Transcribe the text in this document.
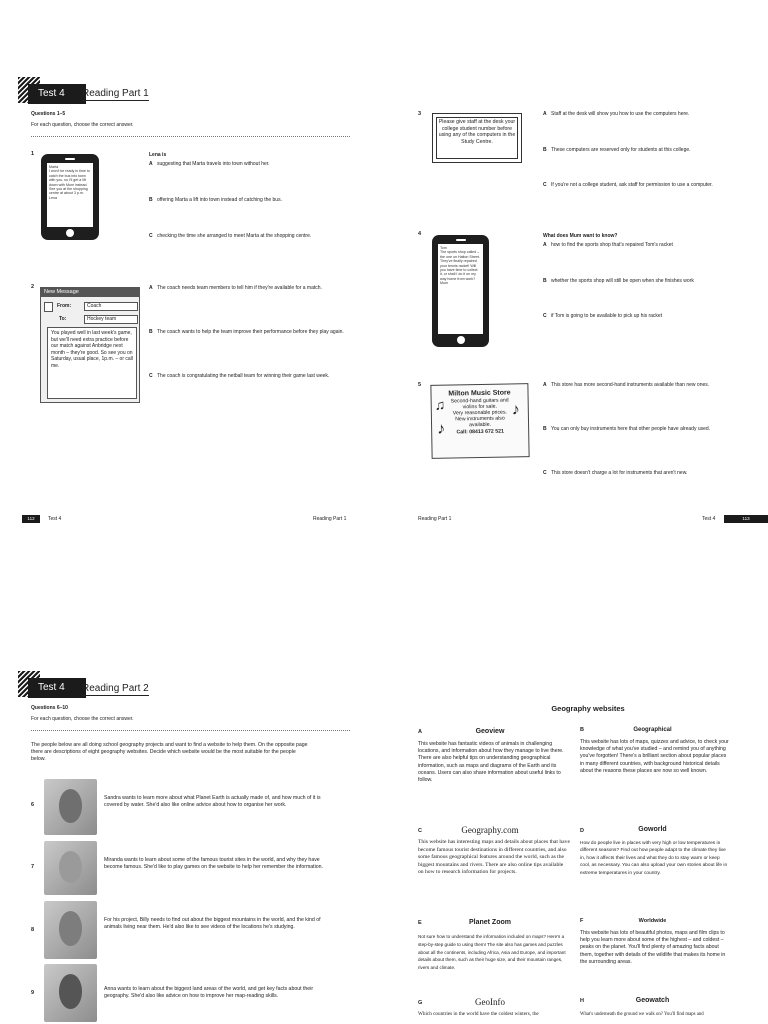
Test 4	Reading Part 1
Questions 1–5
For each question, choose the correct answer.
1
Marta
I won't be ready in time to catch the bus into town with you, so I'll get a lift down with Mum instead. See you at the shopping centre at about 3 p.m.
Lena
Lena is
A suggesting that Marta travels into town without her.
B offering Marta a lift into town instead of catching the bus.
C checking the time she arranged to meet Marta at the shopping centre.
2
New Message
From:	Coach
To:	Hockey team
You played well in last week's game, but we'll need extra practice before our match against Anbridge next month – they're good. So see you on Saturday, usual place, 1p.m. – or call me.
A The coach needs team members to tell him if they're available for a match.
B The coach wants to help the team improve their performance before they play again.
C The coach is congratulating the netball team for winning their game last week.
112	Test 4	Reading Part 1
3
Please give staff at the desk your college student number before using any of the computers in the Study Centre.
A Staff at the desk will show you how to use the computers here.
B These computers are reserved only for students at this college.
C If you're not a college student, ask staff for permission to use a computer.
4
Tom
The sports shop called – the one on Halton Street. They've finally repaired your tennis racket! Will you have time to collect it, or shall I do it on my way home from work?
Mum
What does Mum want to know?
A how to find the sports shop that's repaired Tom's racket
B whether the sports shop will still be open when she finishes work
C if Tom is going to be available to pick up his racket
5
Milton Music Store
Second-hand guitars and violins for sale.
Very reasonable prices.
New instruments also available.
Call: 08413 672 521
♫
♪
♪
A This store has more second-hand instruments available than new ones.
B You can only buy instruments here that other people have already used.
C This store doesn't charge a lot for instruments that aren't new.
Reading Part 1	Test 4	113
Test 4	Reading Part 2
Questions 6–10
For each question, choose the correct answer.
The people below are all doing school geography projects and want to find a website to help them. On the opposite page there are descriptions of eight geography websites. Decide which website would be the most suitable for the people below.
6
Sandra wants to learn more about what Planet Earth is actually made of, and how much of it is covered by water. She'd also like online advice about how to organise her work.
7
Miranda wants to learn about some of the famous tourist sites in the world, and why they have become famous. She'd like to play games on the website to help her remember the information.
8
For his project, Billy needs to find out about the biggest mountains in the world, and the kind of animals living near them. He'd also like to see videos of the locations he's studying.
9
Anna wants to learn about the biggest land areas of the world, and get key facts about their geography. She'd also like advice on how to improve her map-reading skills.
Geography websites
A	Geoview
This website has fantastic videos of animals in challenging locations, and information about how they manage to live there. There are also helpful tips on understanding geographical information, such as maps and diagrams of the Earth and its oceans. Users can also share information about useful links to follow.
B	Geographical
This website has lots of maps, quizzes and advice, to check your knowledge of what you've studied – and remind you of anything you've forgotten! There's a brilliant section about popular places in many different countries, with background historical details about the reasons these places are now so well known.
C	Geography.com
This website has interesting maps and details about places that have become famous tourist destinations in different countries, and also some famous geographical features around the world, such as the biggest mountains and rivers. There are also online tips available on how to research information for projects.
D	Goworld
How do people live in places with very high or low temperatures in different seasons? Find out how people adapt to the climate they live in, how it affects their lives and what they do to stay warm or keep cool, as necessary. You can also upload your own stories about life in extreme temperatures in your country.
E	Planet Zoom
Not sure how to understand the information included on maps? Here's a step-by-step guide to using them! The site also has games and puzzles about all the continents, including Africa, Asia and Europe, and important details about them, such as their huge size, and their mountain ranges, rivers and climate.
F	Worldwide
This website has lots of beautiful photos, maps and film clips to help you learn more about some of the highest – and coldest – peaks on the planet. You'll find plenty of amazing facts about them, together with details of the wildlife that makes its home in the surrounding areas.
G	GeoInfo
Which countries in the world have the coldest winters, the
H	Geowatch
What's underneath the ground we walk on? You'll find maps and
